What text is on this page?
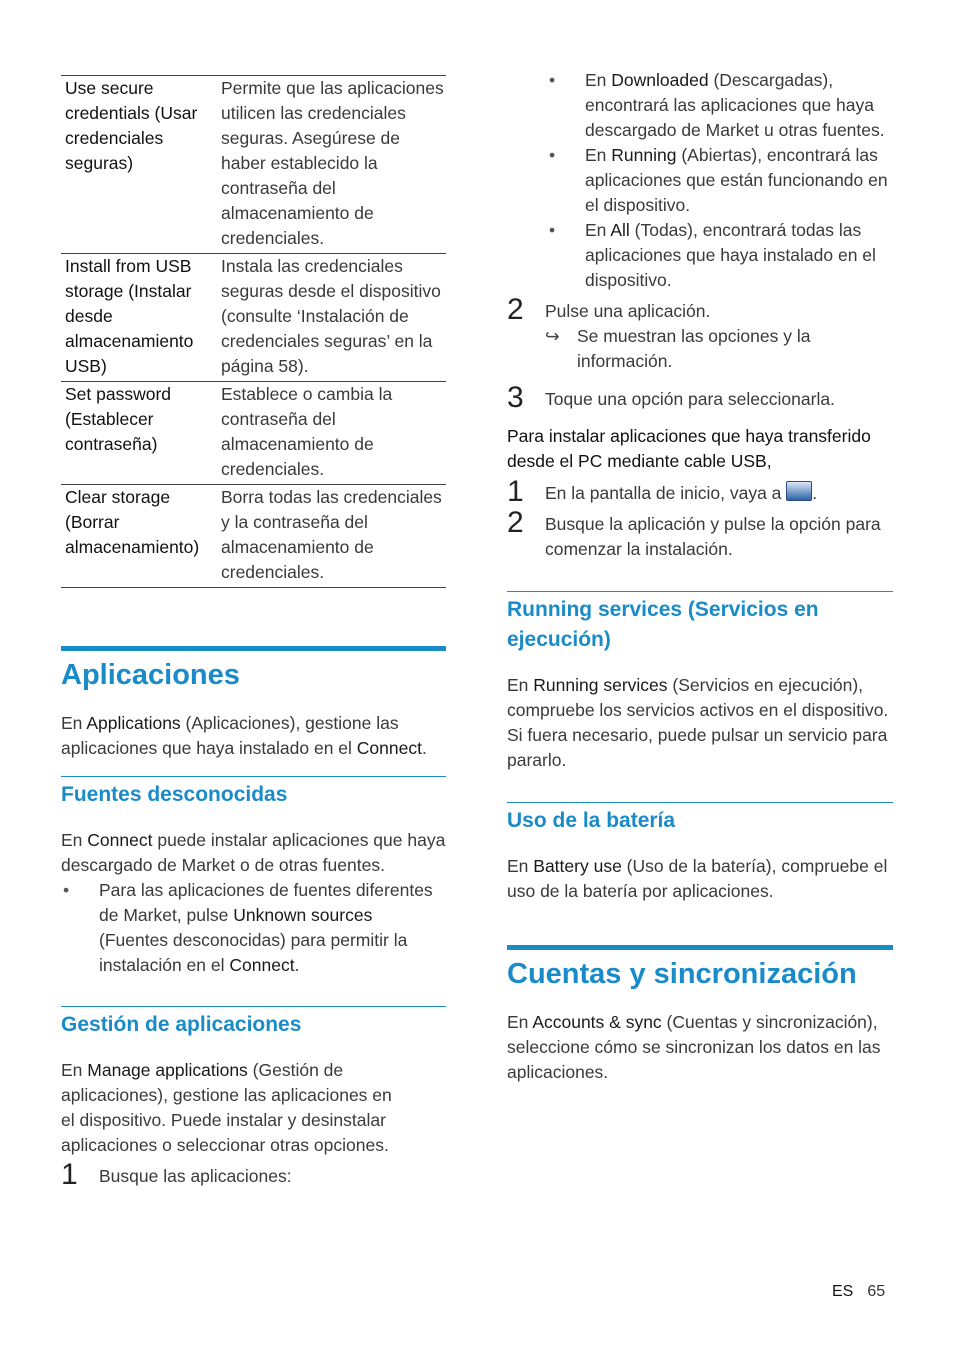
Use secure credentials (Usar credenciales seguras)	Permite que las aplicaciones utilicen las credenciales seguras. Asegúrese de haber establecido la contraseña del almacenamiento de credenciales.
Install from USB storage (Instalar desde almacenamiento USB)	Instala las credenciales seguras desde el dispositivo (consulte ‘Instalación de credenciales seguras’ en la página 58).
Set password (Establecer contraseña)	Establece o cambia la contraseña del almacenamiento de credenciales.
Clear storage (Borrar almacenamiento)	Borra todas las credenciales y la contraseña del almacenamiento de credenciales.
Aplicaciones

En Applications (Aplicaciones), gestione las aplicaciones que haya instalado en el Connect.

Fuentes desconocidas

En Connect puede instalar aplicaciones que haya descargado de Market o de otras fuentes.

• Para las aplicaciones de fuentes diferentes de Market, pulse Unknown sources (Fuentes desconocidas) para permitir la instalación en el Connect.
Gestión de aplicaciones

En Manage applications (Gestión de aplicaciones), gestione las aplicaciones en el dispositivo. Puede instalar y desinstalar aplicaciones o seleccionar otras opciones.

1 Busque las aplicaciones:
• En Downloaded (Descargadas), encontrará las aplicaciones que haya descargado de Market u otras fuentes.
• En Running (Abiertas), encontrará las aplicaciones que están funcionando en el dispositivo.
• En All (Todas), encontrará todas las aplicaciones que haya instalado en el dispositivo.
2 Pulse una aplicación.
↪ Se muestran las opciones y la información.
3 Toque una opción para seleccionarla.

Para instalar aplicaciones que haya transferido desde el PC mediante cable USB,

1 En la pantalla de inicio, vaya a .
2 Busque la aplicación y pulse la opción para comenzar la instalación.
Running services (Servicios en ejecución)

En Running services (Servicios en ejecución), compruebe los servicios activos en el dispositivo. Si fuera necesario, puede pulsar un servicio para pararlo.

Uso de la batería

En Battery use (Uso de la batería), compruebe el uso de la batería por aplicaciones.

Cuentas y sincronización

En Accounts & sync (Cuentas y sincronización), seleccione cómo se sincronizan los datos en las aplicaciones.

ES 65
